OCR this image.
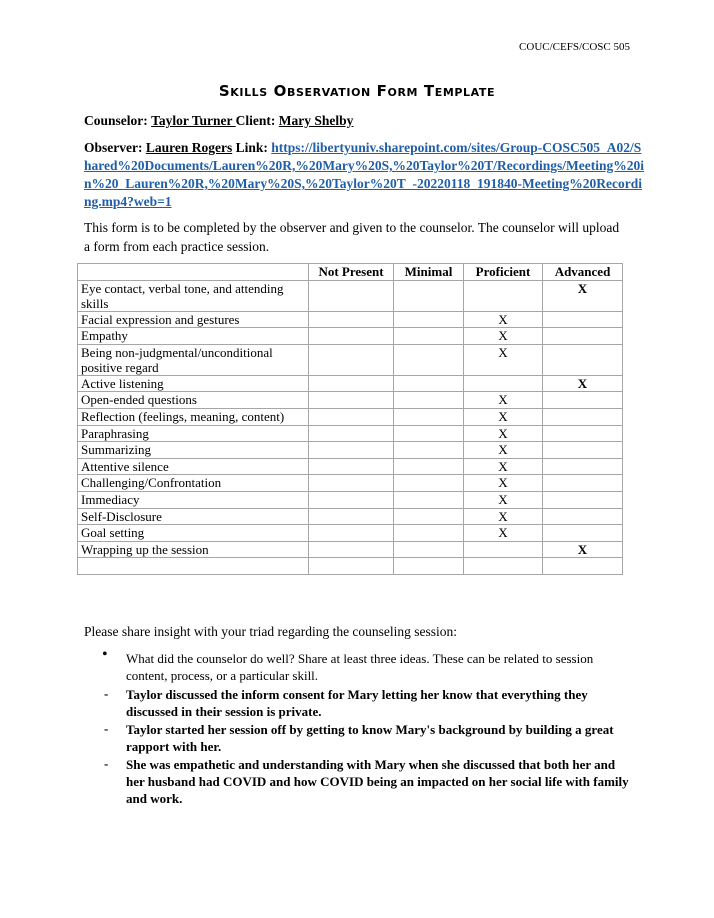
COUC/CEFS/COSC 505
Skills Observation Form Template
Counselor: Taylor Turner Client: Mary Shelby
Observer: Lauren Rogers Link: https://libertyuniv.sharepoint.com/sites/Group-COSC505_A02/Shared%20Documents/Lauren%20R,%20Mary%20S,%20Taylor%20T/Recordings/Meeting%20in%20_Lauren%20R,%20Mary%20S,%20Taylor%20T_-20220118_191840-Meeting%20Recording.mp4?web=1
This form is to be completed by the observer and given to the counselor. The counselor will upload a form from each practice session.
	Not Present	Minimal	Proficient	Advanced
Eye contact, verbal tone, and attending skills				X
Facial expression and gestures			X	
Empathy			X	
Being non-judgmental/unconditional positive regard			X	
Active listening				X
Open-ended questions			X	
Reflection (feelings, meaning, content)			X	
Paraphrasing			X	
Summarizing			X	
Attentive silence			X	
Challenging/Confrontation			X	
Immediacy			X	
Self-Disclosure			X	
Goal setting			X	
Wrapping up the session				X

Please share insight with your triad regarding the counseling session:
• What did the counselor do well? Share at least three ideas. These can be related to session content, process, or a particular skill.
- Taylor discussed the inform consent for Mary letting her know that everything they discussed in their session is private.
- Taylor started her session off by getting to know Mary's background by building a great rapport with her.
- She was empathetic and understanding with Mary when she discussed that both her and her husband had COVID and how COVID being an impacted on her social life with family and work.
